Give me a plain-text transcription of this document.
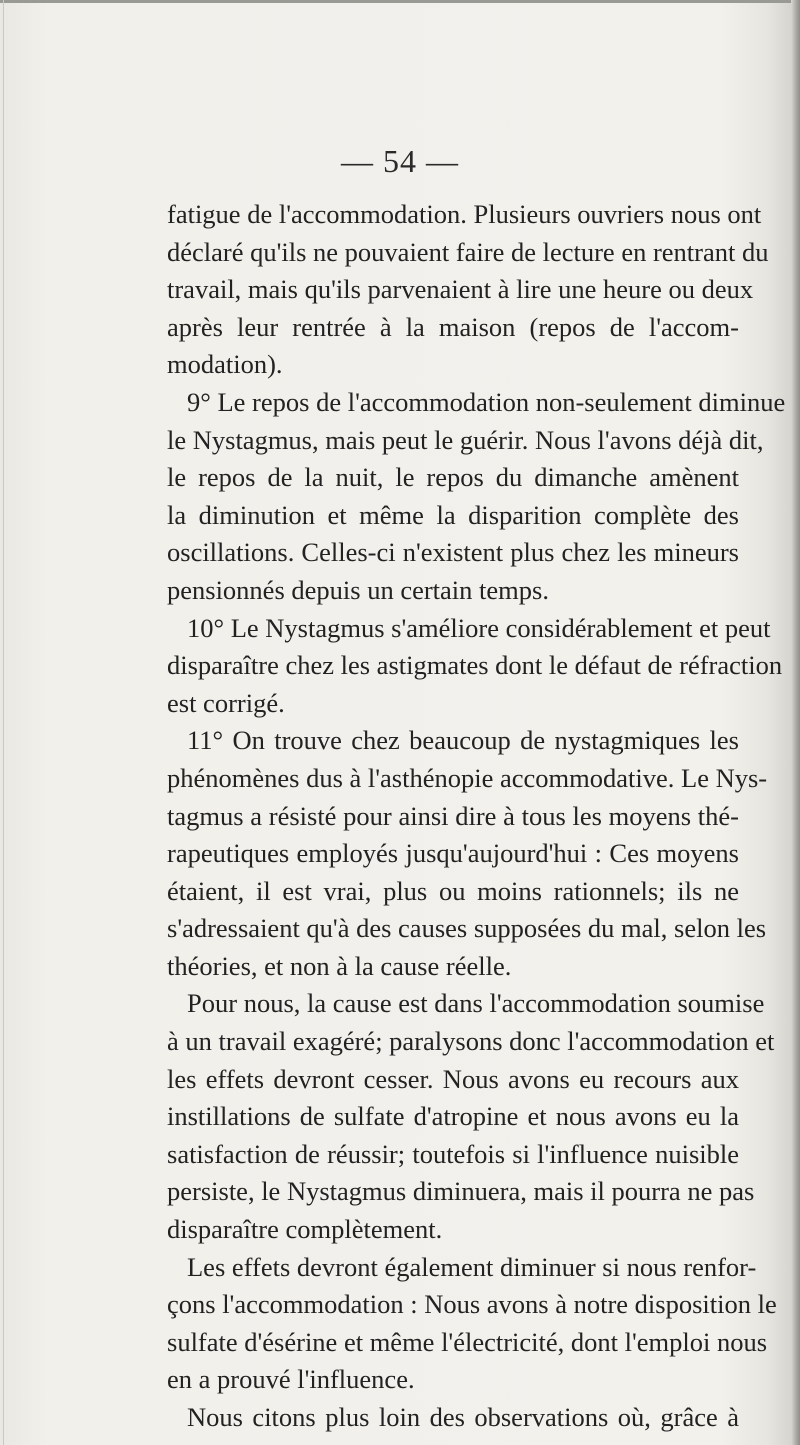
— 54 —
fatigue de l'accommodation. Plusieurs ouvriers nous ont
déclaré qu'ils ne pouvaient faire de lecture en rentrant du
travail, mais qu'ils parvenaient à lire une heure ou deux
après leur rentrée à la maison (repos de l'accom-
modation).
9° Le repos de l'accommodation non-seulement diminue
le Nystagmus, mais peut le guérir. Nous l'avons déjà dit,
le repos de la nuit, le repos du dimanche amènent
la diminution et même la disparition complète des
oscillations. Celles-ci n'existent plus chez les mineurs
pensionnés depuis un certain temps.
10° Le Nystagmus s'améliore considérablement et peut
disparaître chez les astigmates dont le défaut de réfraction
est corrigé.
11° On trouve chez beaucoup de nystagmiques les
phénomènes dus à l'asthénopie accommodative. Le Nys-
tagmus a résisté pour ainsi dire à tous les moyens thé-
rapeutiques employés jusqu'aujourd'hui : Ces moyens
étaient, il est vrai, plus ou moins rationnels; ils ne
s'adressaient qu'à des causes supposées du mal, selon les
théories, et non à la cause réelle.
Pour nous, la cause est dans l'accommodation soumise
à un travail exagéré; paralysons donc l'accommodation et
les effets devront cesser. Nous avons eu recours aux
instillations de sulfate d'atropine et nous avons eu la
satisfaction de réussir; toutefois si l'influence nuisible
persiste, le Nystagmus diminuera, mais il pourra ne pas
disparaître complètement.
Les effets devront également diminuer si nous renfor-
çons l'accommodation : Nous avons à notre disposition le
sulfate d'ésérine et même l'électricité, dont l'emploi nous
en a prouvé l'influence.
Nous citons plus loin des observations où, grâce à
